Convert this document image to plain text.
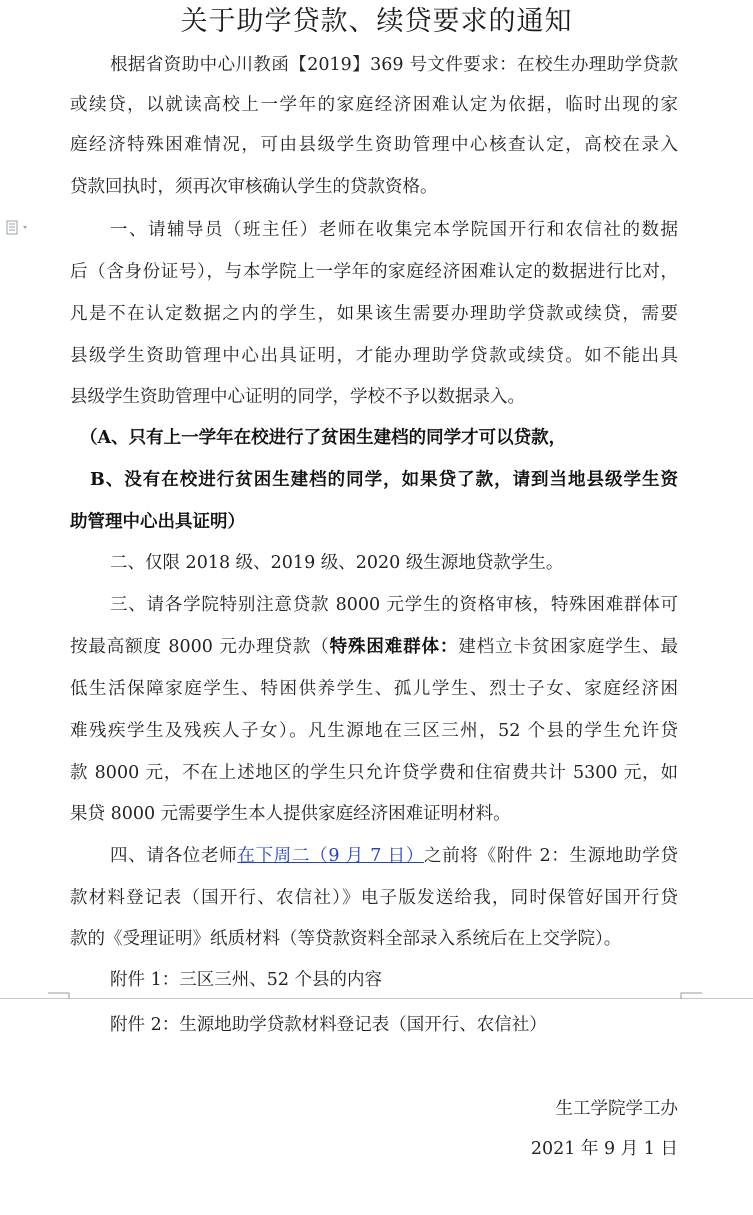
关于助学贷款、续贷要求的通知
根据省资助中心川教函【2019】369 号文件要求：在校生办理助学贷款
或续贷，以就读高校上一学年的家庭经济困难认定为依据，临时出现的家
庭经济特殊困难情况，可由县级学生资助管理中心核查认定，高校在录入
贷款回执时，须再次审核确认学生的贷款资格。
一、请辅导员（班主任）老师在收集完本学院国开行和农信社的数据
后（含身份证号），与本学院上一学年的家庭经济困难认定的数据进行比对，
凡是不在认定数据之内的学生，如果该生需要办理助学贷款或续贷，需要
县级学生资助管理中心出具证明，才能办理助学贷款或续贷。如不能出具
县级学生资助管理中心证明的同学，学校不予以数据录入。
（A、只有上一学年在校进行了贫困生建档的同学才可以贷款，
B、没有在校进行贫困生建档的同学，如果贷了款，请到当地县级学生资
助管理中心出具证明）
二、仅限 2018 级、2019 级、2020 级生源地贷款学生。
三、请各学院特别注意贷款 8000 元学生的资格审核，特殊困难群体可
按最高额度 8000 元办理贷款（特殊困难群体：建档立卡贫困家庭学生、最
低生活保障家庭学生、特困供养学生、孤儿学生、烈士子女、家庭经济困
难残疾学生及残疾人子女）。凡生源地在三区三州，52 个县的学生允许贷
款 8000 元，不在上述地区的学生只允许贷学费和住宿费共计 5300 元，如
果贷 8000 元需要学生本人提供家庭经济困难证明材料。
四、请各位老师在下周二（9 月 7 日）之前将《附件 2：生源地助学贷
款材料登记表（国开行、农信社）》电子版发送给我，同时保管好国开行贷
款的《受理证明》纸质材料（等贷款资料全部录入系统后在上交学院）。
附件 1：三区三州、52 个县的内容
附件 2：生源地助学贷款材料登记表（国开行、农信社）
生工学院学工办
2021 年 9 月 1 日
